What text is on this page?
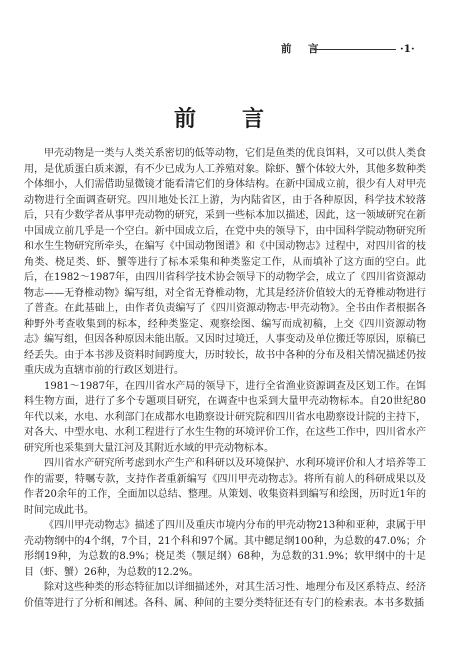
前　言	·1·
前　言

甲壳动物是一类与人类关系密切的低等动物，它们是鱼类的优良饵料，又可以供人类食用，是优质蛋白质来源，有不少已成为人工养殖对象。除虾、蟹个体较大外，其他多数种类个体细小，人们需借助显微镜才能看清它们的身体结构。在新中国成立前，很少有人对甲壳动物进行全面调查研究。四川地处长江上游，为内陆省区，由于各种原因，科学技术较落后，只有少数学者从事甲壳动物的研究，采到一些标本加以描述，因此，这一领域研究在新中国成立前几乎是一个空白。新中国成立后，在党中央的领导下，由中国科学院动物研究所和水生生物研究所牵头，在编写《中国动物图谱》和《中国动物志》过程中，对四川省的枝角类、桡足类、虾、蟹等进行了标本采集和种类鉴定工作，从而填补了这方面的空白。此后，在1982～1987年，由四川省科学技术协会领导下的动物学会，成立了《四川省资源动物志——无脊椎动物》编写组，对全省无脊椎动物，尤其是经济价值较大的无脊椎动物进行了普查。在此基础上，由作者负责编写了《四川资源动物志·甲壳动物》。全书由作者根据各种野外考查收集到的标本，经种类鉴定、观察绘图、编写而成初稿，上交《四川资源动物志》编写组，但因各种原因未能出版。又因时过境迁，人事变动及单位搬迁等原因，原稿已经丢失。由于本书涉及资料时间跨度大，历时较长，故书中各种的分布及相关情况描述仍按重庆成为直辖市前的行政区划进行。

1981～1987年，在四川省水产局的领导下，进行全省渔业资源调查及区划工作。在饵料生物方面，进行了多个专题项目研究，在调查中也采到大量甲壳动物标本。自20世纪80年代以来，水电、水利部门在成都水电勘察设计研究院和四川省水电勘察设计院的主持下，对各大、中型水电、水利工程进行了水生生物的环境评价工作，在这些工作中，四川省水产研究所也采集到大量江河及其附近水域的甲壳动物标本。

四川省水产研究所考虑到水产生产和科研以及环境保护、水利环境评价和人才培养等工作的需要，特嘱专款，支持作者重新编写《四川甲壳动物志》。将所有前人的科研成果以及作者20余年的工作，全面加以总结、整理。从策划、收集资料到编写和绘图，历时近1年的时间完成此书。

《四川甲壳动物志》描述了四川及重庆市境内分布的甲壳动物213种和亚种，隶属于甲壳动物纲中的4个纲，7个目，21个科和97个属。其中鳃足纲100种，为总数的47.0%；介形纲19种，为总数的8.9%；桡足类（颚足纲）68种，为总数的31.9%；软甲纲中的十足目（虾、蟹）26种，为总数的12.2%。

除对这些种类的形态特征加以详细描述外，对其生活习性、地理分布及区系特点、经济价值等进行了分析和阐述。各科、属、种间的主要分类特征还有专门的检索表。本书多数插
